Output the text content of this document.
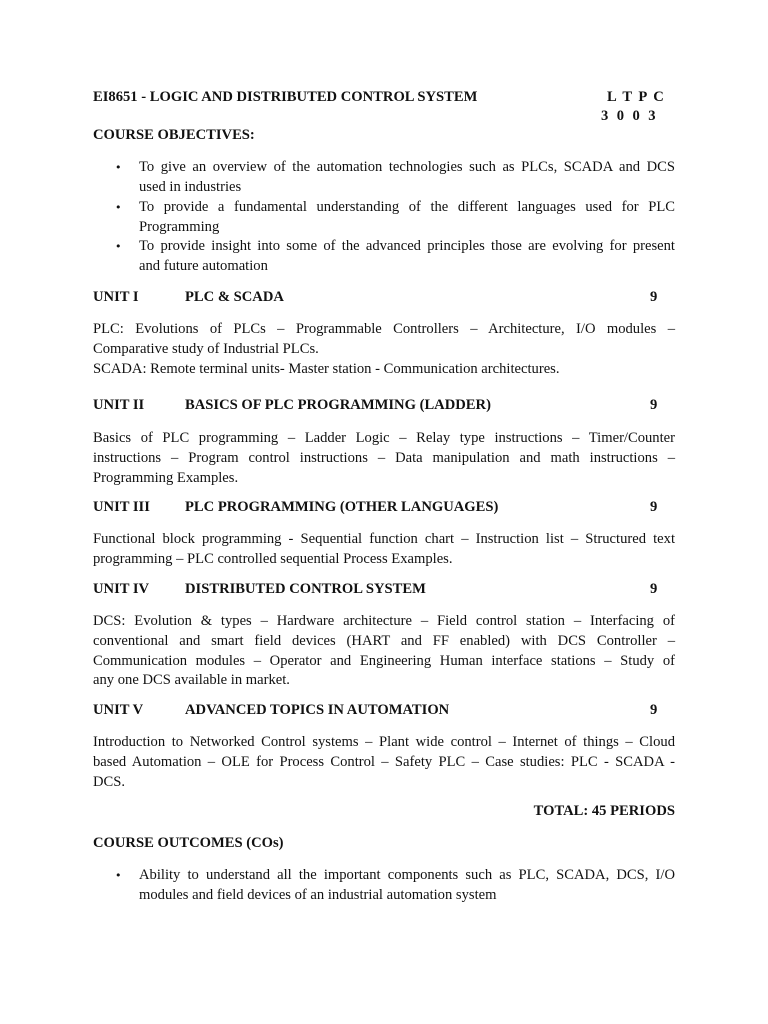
EI8651 - LOGIC AND DISTRIBUTED CONTROL SYSTEM	L T P C
3 0 0 3
COURSE OBJECTIVES:
•	To give an overview of the automation technologies such as PLCs, SCADA and DCS
used in industries
•	To provide a fundamental understanding of the different languages used for PLC
Programming
•	To provide insight into some of the advanced principles those are evolving for present
and future automation
UNIT I	PLC & SCADA	9
PLC: Evolutions of PLCs – Programmable Controllers – Architecture, I/O modules –
Comparative study of Industrial PLCs.
SCADA: Remote terminal units- Master station - Communication architectures.
UNIT II	BASICS OF PLC PROGRAMMING (LADDER)	9
Basics of PLC programming – Ladder Logic – Relay type instructions – Timer/Counter
instructions – Program control instructions – Data manipulation and math instructions –
Programming Examples.
UNIT III PLC PROGRAMMING (OTHER LANGUAGES)	9
Functional block programming - Sequential function chart – Instruction list – Structured text
programming – PLC controlled sequential Process Examples.
UNIT IV DISTRIBUTED CONTROL SYSTEM	9
DCS: Evolution & types – Hardware architecture – Field control station – Interfacing of
conventional and smart field devices (HART and FF enabled) with DCS Controller –
Communication modules – Operator and Engineering Human interface stations – Study of
any one DCS available in market.
UNIT V	ADVANCED TOPICS IN AUTOMATION	9
Introduction to Networked Control systems – Plant wide control – Internet of things – Cloud
based Automation – OLE for Process Control – Safety PLC – Case studies: PLC - SCADA -
DCS.
TOTAL: 45 PERIODS
COURSE OUTCOMES (COs)
•	Ability to understand all the important components such as PLC, SCADA, DCS, I/O
modules and field devices of an industrial automation system
